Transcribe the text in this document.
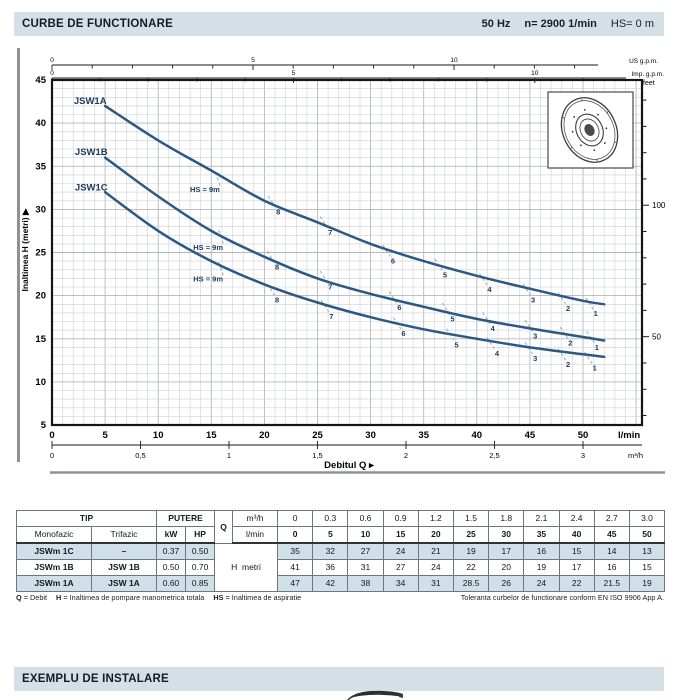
CURBE DE FUNCTIONARE	50 Hz n= 2900 1/min HS= 0 m
0	5	10	US g.p.m.
0	5	10	Imp. g.p.m.
45
40
35
30
25
20
15
10
5
Inaltimea H (metri) ▶
feet
50
100
0	5	10	15	20	25	30	35	40	45	50	l/min
0	0,5	1	1,5	2	2,5	3	m³/h
Debitul Q ▸
HS = 9m
8
7
6
5
4
3
2
1
JSW1A
HS = 9m
8
7
6
5
4
3
2	1
JSW1B
HS = 9m
8
7
6
5
4
3
2	1
JSW1C
TIP		PUTERE		Q	m³/h	0	0.3	0.6	0.9	1.2	1.5	1.8	2.1	2.4	2.7	3.0
Monofazic	Trifazic	kW	HP		l/min	0	5	10	15	20	25	30	35	40	45	50
JSWm 1C	–	0.37	0.50	H  metri		35	32	27	24	21	19	17	16	15	14	13
JSWm 1B	JSW 1B	0.50	0.70			41	36	31	27	24	22	20	19	17	16	15
JSWm 1A	JSW 1A	0.60	0.85			47	42	38	34	31	28.5	26	24	22	21.5	19
Q = Debit H = Inaltimea de pompare manometrica totala HS = Inaltimea de aspiratie	Toleranta curbelor de functionare conform EN ISO 9906 App A.
EXEMPLU DE INSTALARE
